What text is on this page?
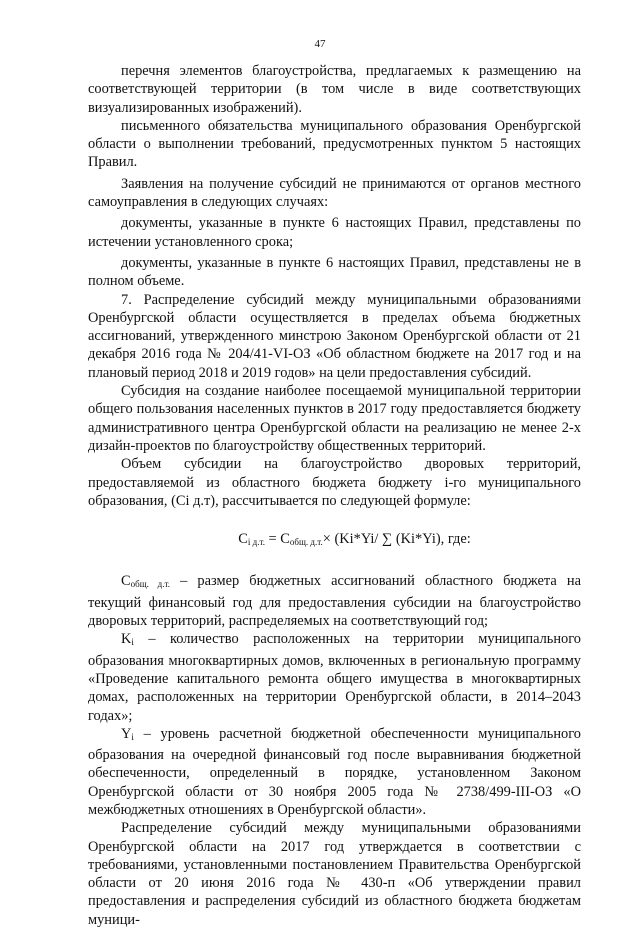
47

перечня элементов благоустройства, предлагаемых к размещению на соответствующей территории (в том числе в виде соответствующих визуализированных изображений).

письменного обязательства муниципального образования Оренбургской области о выполнении требований, предусмотренных пунктом 5 настоящих Правил.

Заявления на получение субсидий не принимаются от органов местного самоуправления в следующих случаях:

документы, указанные в пункте 6 настоящих Правил, представлены по истечении установленного срока;

документы, указанные в пункте 6 настоящих Правил, представлены не в полном объеме.

7. Распределение субсидий между муниципальными образованиями Оренбургской области осуществляется в пределах объема бюджетных ассигнований, утвержденного минстрою Законом Оренбургской области от 21 декабря 2016 года № 204/41-VI-ОЗ «Об областном бюджете на 2017 год и на плановый период 2018 и 2019 годов» на цели предоставления субсидий.

Субсидия на создание наиболее посещаемой муниципальной территории общего пользования населенных пунктов в 2017 году предоставляется бюджету административного центра Оренбургской области на реализацию не менее 2-х дизайн-проектов по благоустройству общественных территорий.

Объем субсидии на благоустройство дворовых территорий, предоставляемой из областного бюджета бюджету i-го муниципального образования, (Ci д.т), рассчитывается по следующей формуле:

$C_{i д.т.} = C_{общ. д.т.}\times (Ki*Yi/$ ∑ (Ki*Yi), где:

Cобщ. д.т. – размер бюджетных ассигнований областного бюджета на текущий финансовый год для предоставления субсидии на благоустройство дворовых территорий, распределяемых на соответствующий год;

Ki – количество расположенных на территории муниципального образования многоквартирных домов, включенных в региональную программу «Проведение капитального ремонта общего имущества в многоквартирных домах, расположенных на территории Оренбургской области, в 2014–2043 годах»;

Yi – уровень расчетной бюджетной обеспеченности муниципального образования на очередной финансовый год после выравнивания бюджетной обеспеченности, определенный в порядке, установленном Законом Оренбургской области от 30 ноября 2005 года № 2738/499-III-ОЗ «О межбюджетных отношениях в Оренбургской области».

Распределение субсидий между муниципальными образованиями Оренбургской области на 2017 год утверждается в соответствии с требованиями, установленными постановлением Правительства Оренбургской области от 20 июня 2016 года № 430-п «Об утверждении правил предоставления и распределения субсидий из областного бюджета бюджетам муници-
